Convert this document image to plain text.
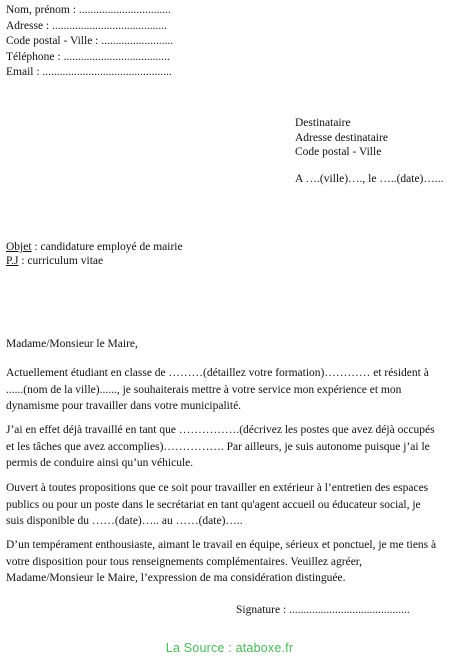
Nom, prénom : ................................
Adresse : ........................................
Code postal - Ville : .........................
Téléphone : .....................................
Email : .............................................
Destinataire
Adresse destinataire
Code postal - Ville
A ….(ville)…., le …..(date)…...
Objet : candidature employé de mairie
P.J : curriculum vitae
Madame/Monsieur le Maire,
Actuellement étudiant en classe de ………(détaillez votre formation)………… et résident à
......(nom de la ville)......, je souhaiterais mettre à votre service mon expérience et mon
dynamisme pour travailler dans votre municipalité.
J’ai en effet déjà travaillé en tant que …………….(décrivez les postes que avez déjà occupés
et les tâches que avez accomplies)……………. Par ailleurs, je suis autonome puisque j’ai le
permis de conduire ainsi qu’un véhicule.
Ouvert à toutes propositions que ce soit pour travailler en extérieur à l’entretien des espaces
publics ou pour un poste dans le secrétariat en tant qu'agent accueil ou éducateur social, je
suis disponible du ……(date)….. au ……(date)…..
D’un tempérament enthousiaste, aimant le travail en équipe, sérieux et ponctuel, je me tiens à
votre disposition pour tous renseignements complémentaires. Veuillez agréer,
Madame/Monsieur le Maire, l’expression de ma considération distinguée.
Signature : ..........................................
La Source : ataboxe.fr
